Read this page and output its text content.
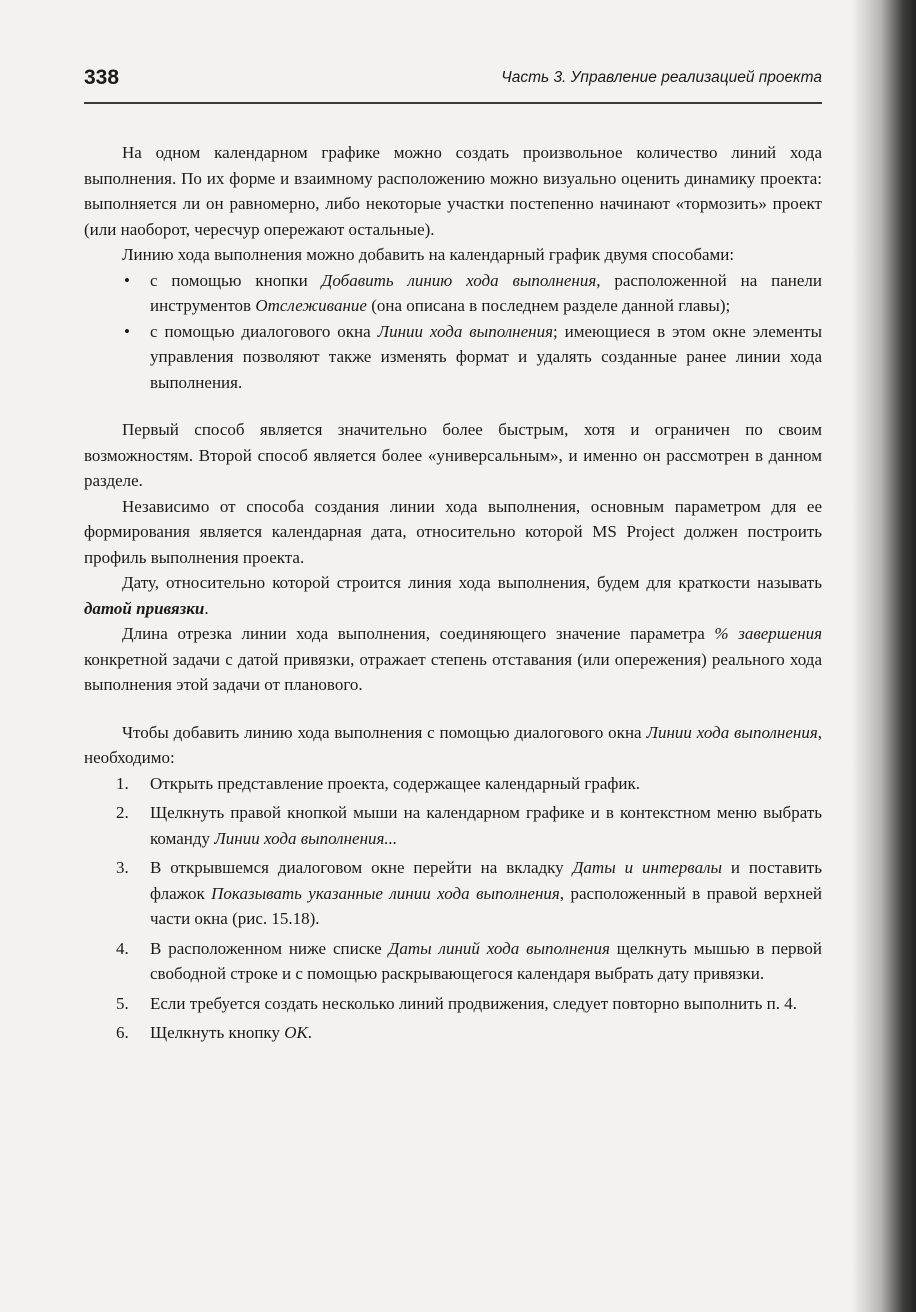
338	Часть 3. Управление реализацией проекта

На одном календарном графике можно создать произвольное количество линий хода выполнения. По их форме и взаимному расположению можно визуально оценить динамику проекта: выполняется ли он равномерно, либо некоторые участки постепенно начинают «тормозить» проект (или наоборот, чересчур опережают остальные).

Линию хода выполнения можно добавить на календарный график двумя способами:

• с помощью кнопки Добавить линию хода выполнения, расположенной на панели инструментов Отслеживание (она описана в последнем разделе данной главы);
• с помощью диалогового окна Линии хода выполнения; имеющиеся в этом окне элементы управления позволяют также изменять формат и удалять созданные ранее линии хода выполнения.

Первый способ является значительно более быстрым, хотя и ограничен по своим возможностям. Второй способ является более «универсальным», и именно он рассмотрен в данном разделе.

Независимо от способа создания линии хода выполнения, основным параметром для ее формирования является календарная дата, относительно которой MS Project должен построить профиль выполнения проекта.

Дату, относительно которой строится линия хода выполнения, будем для краткости называть датой привязки.

Длина отрезка линии хода выполнения, соединяющего значение параметра % завершения конкретной задачи с датой привязки, отражает степень отставания (или опережения) реального хода выполнения этой задачи от планового.

Чтобы добавить линию хода выполнения с помощью диалогового окна Линии хода выполнения, необходимо:

1. Открыть представление проекта, содержащее календарный график.
2. Щелкнуть правой кнопкой мыши на календарном графике и в контекстном меню выбрать команду Линии хода выполнения...
3. В открывшемся диалоговом окне перейти на вкладку Даты и интервалы и поставить флажок Показывать указанные линии хода выполнения, расположенный в правой верхней части окна (рис. 15.18).
4. В расположенном ниже списке Даты линий хода выполнения щелкнуть мышью в первой свободной строке и с помощью раскрывающегося календаря выбрать дату привязки.
5. Если требуется создать несколько линий продвижения, следует повторно выполнить п. 4.
6. Щелкнуть кнопку ОК.
